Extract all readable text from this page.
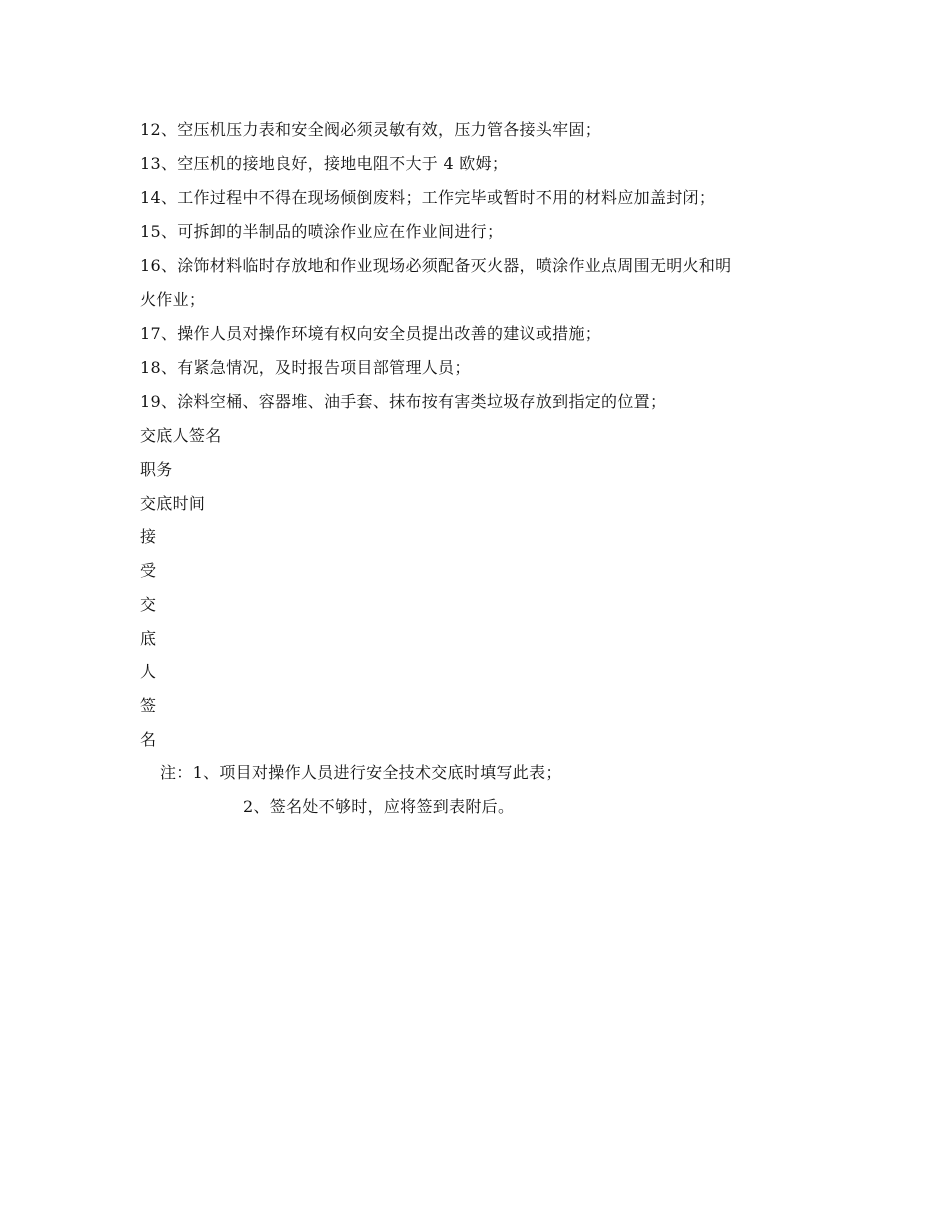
12、空压机压力表和安全阀必须灵敏有效，压力管各接头牢固；
13、空压机的接地良好，接地电阻不大于 4 欧姆；
14、工作过程中不得在现场倾倒废料；工作完毕或暂时不用的材料应加盖封闭；
15、可拆卸的半制品的喷涂作业应在作业间进行；
16、涂饰材料临时存放地和作业现场必须配备灭火器，喷涂作业点周围无明火和明
火作业；
17、操作人员对操作环境有权向安全员提出改善的建议或措施；
18、有紧急情况，及时报告项目部管理人员；
19、涂料空桶、容器堆、油手套、抹布按有害类垃圾存放到指定的位置；
交底人签名
职务
交底时间
接
受
交
底
人
签
名
注：1、项目对操作人员进行安全技术交底时填写此表；
2、签名处不够时，应将签到表附后。
